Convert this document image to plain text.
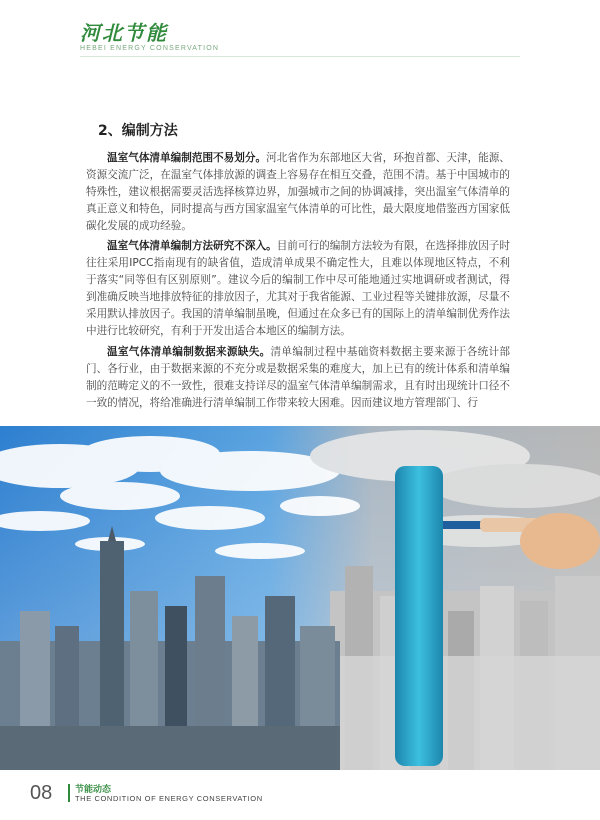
河北节能
HEBEI ENERGY CONSERVATION
2、编制方法

温室气体清单编制范围不易划分。河北省作为东部地区大省，环抱首都、天津，能源、资源交流广泛，在温室气体排放源的调查上容易存在相互交叠，范围不清。基于中国城市的特殊性，建议根据需要灵活选择核算边界，加强城市之间的协调减排，突出温室气体清单的真正意义和特色，同时提高与西方国家温室气体清单的可比性，最大限度地借鉴西方国家低碳化发展的成功经验。

温室气体清单编制方法研究不深入。目前可行的编制方法较为有限，在选择排放因子时往往采用IPCC指南现有的缺省值，造成清单成果不确定性大，且难以体现地区特点，不利于落实“同等但有区别原则”。建议今后的编制工作中尽可能地通过实地调研或者测试，得到准确反映当地排放特征的排放因子，尤其对于我省能源、工业过程等关键排放源，尽量不采用默认排放因子。我国的清单编制虽晚，但通过在众多已有的国际上的清单编制优秀作法中进行比较研究，有利于开发出适合本地区的编制方法。

温室气体清单编制数据来源缺失。清单编制过程中基础资料数据主要来源于各统计部门、各行业，由于数据来源的不充分或是数据采集的难度大，加上已有的统计体系和清单编制的范畴定义的不一致性，很难支持详尽的温室气体清单编制需求，且有时出现统计口径不一致的情况，将给准确进行清单编制工作带来较大困难。因而建议地方管理部门、行

08	节能动态
THE CONDITION OF ENERGY CONSERVATION
